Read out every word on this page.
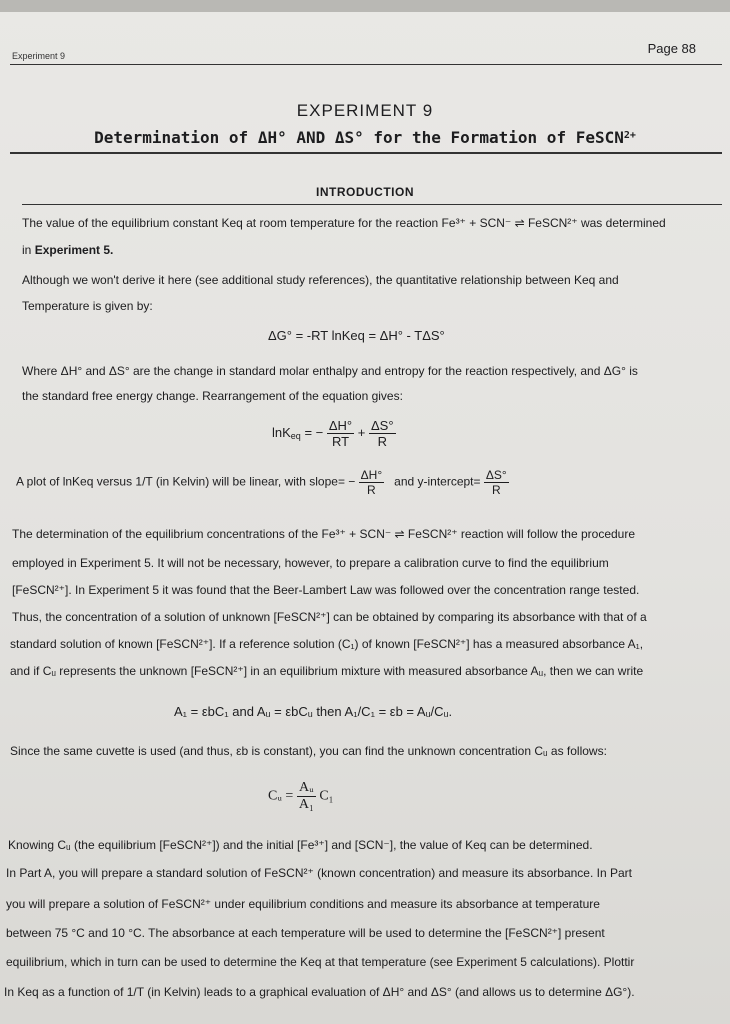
Experiment 9	Page 88
EXPERIMENT 9
Determination of ΔH° AND ΔS° for the Formation of FeSCN$^{2+}$
INTRODUCTION
The value of the equilibrium constant Keq at room temperature for the reaction Fe³⁺ + SCN⁻ ⇌ FeSCN²⁺ was determined
in Experiment 5.
Although we won't derive it here (see additional study references), the quantitative relationship between Keq and
Temperature is given by:
ΔG° = -RT lnKeq = ΔH° - TΔS°
Where ΔH° and ΔS° are the change in standard molar enthalpy and entropy for the reaction respectively, and ΔG° is
the standard free energy change. Rearrangement of the equation gives:
lnK$_{eq}$ = − $\frac{\Delta H^\circ}{RT} + \frac{\Delta S^\circ}{R}$
A plot of lnKeq versus 1/T (in Kelvin) will be linear, with slope= − $\frac{\Delta H^\circ}{R}$ and y-intercept= $\frac{\Delta S^\circ}{R}$
The determination of the equilibrium concentrations of the Fe³⁺ + SCN⁻ ⇌ FeSCN²⁺ reaction will follow the procedure
employed in Experiment 5. It will not be necessary, however, to prepare a calibration curve to find the equilibrium
[FeSCN²⁺]. In Experiment 5 it was found that the Beer-Lambert Law was followed over the concentration range tested.
Thus, the concentration of a solution of unknown [FeSCN²⁺] can be obtained by comparing its absorbance with that of a
standard solution of known [FeSCN²⁺]. If a reference solution (C₁) of known [FeSCN²⁺] has a measured absorbance A₁,
and if Cᵤ represents the unknown [FeSCN²⁺] in an equilibrium mixture with measured absorbance Aᵤ, then we can write
A₁ = εbC₁ and Aᵤ = εbCᵤ then A₁/C₁ = εb = Aᵤ/Cᵤ.
Since the same cuvette is used (and thus, εb is constant), you can find the unknown concentration Cᵤ as follows:
Cᵤ = $\frac{\text{Aᵤ}}{\text{A₁}} C_1$
Knowing Cᵤ (the equilibrium [FeSCN²⁺]) and the initial [Fe³⁺] and [SCN⁻], the value of Keq can be determined.
In Part A, you will prepare a standard solution of FeSCN²⁺ (known concentration) and measure its absorbance. In Part
you will prepare a solution of FeSCN²⁺ under equilibrium conditions and measure its absorbance at temperature
between 75 °C and 10 °C. The absorbance at each temperature will be used to determine the [FeSCN²⁺] present
equilibrium, which in turn can be used to determine the Keq at that temperature (see Experiment 5 calculations). Plottir
In Keq as a function of 1/T (in Kelvin) leads to a graphical evaluation of ΔH° and ΔS° (and allows us to determine ΔG°).
